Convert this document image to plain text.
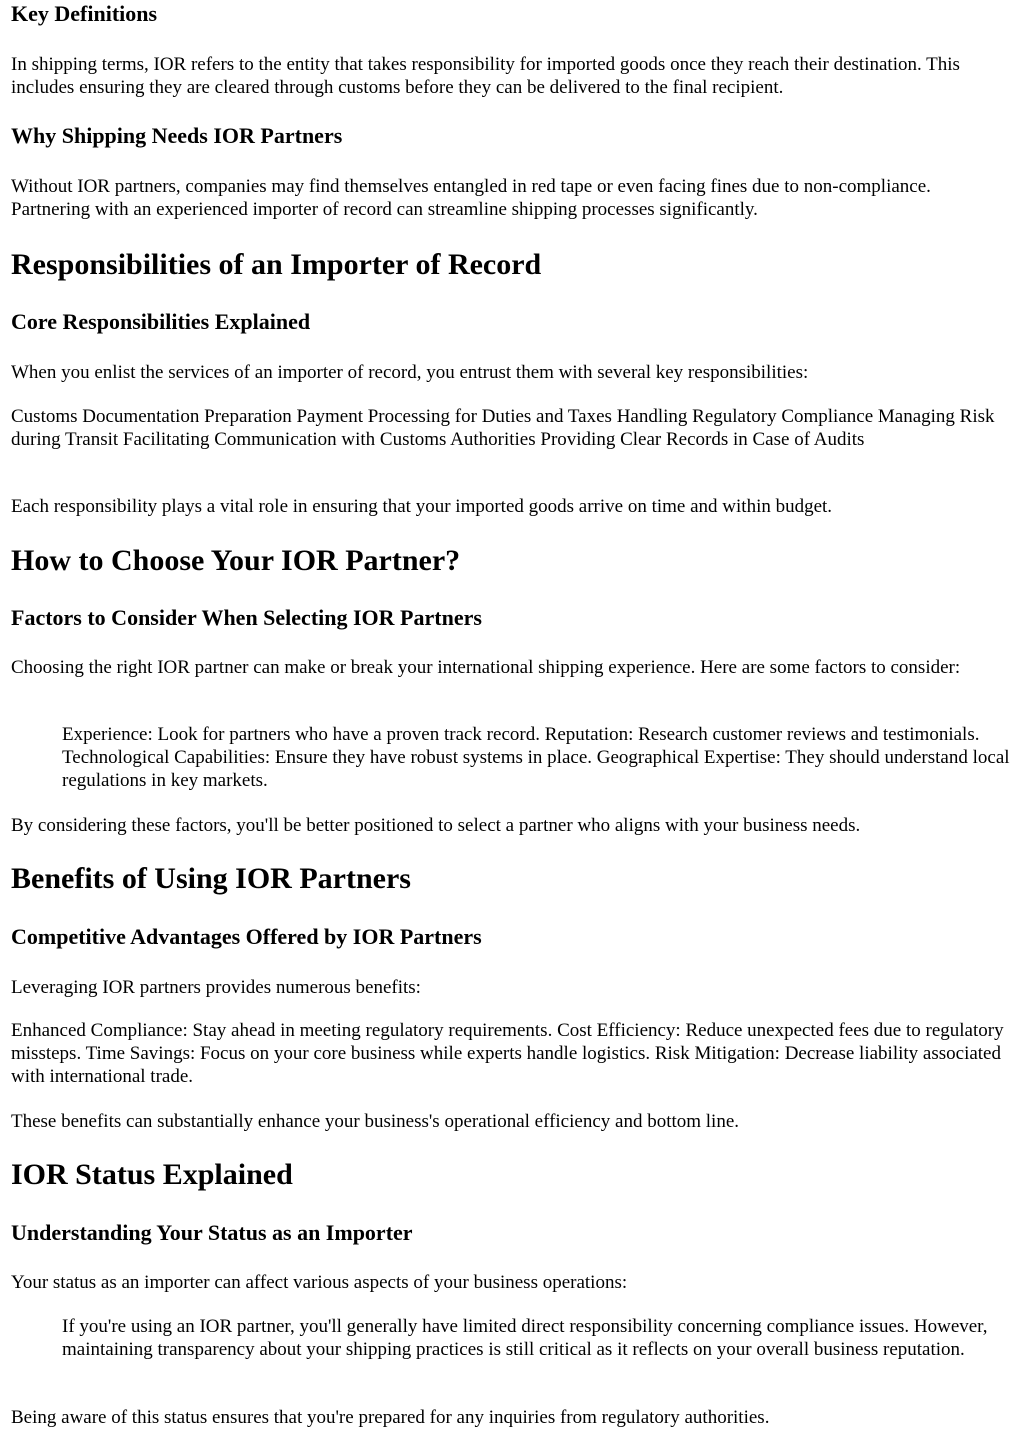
Key Definitions

In shipping terms, IOR refers to the entity that takes responsibility for imported goods once they reach their destination. This includes ensuring they are cleared through customs before they can be delivered to the final recipient.

Why Shipping Needs IOR Partners

Without IOR partners, companies may find themselves entangled in red tape or even facing fines due to non-compliance. Partnering with an experienced importer of record can streamline shipping processes significantly.

Responsibilities of an Importer of Record
Core Responsibilities Explained

When you enlist the services of an importer of record, you entrust them with several key responsibilities:

Customs Documentation Preparation Payment Processing for Duties and Taxes Handling Regulatory Compliance Managing Risk during Transit Facilitating Communication with Customs Authorities Providing Clear Records in Case of Audits

Each responsibility plays a vital role in ensuring that your imported goods arrive on time and within budget.

How to Choose Your IOR Partner?
Factors to Consider When Selecting IOR Partners

Choosing the right IOR partner can make or break your international shipping experience. Here are some factors to consider:

Experience: Look for partners who have a proven track record. Reputation: Research customer reviews and testimonials. Technological Capabilities: Ensure they have robust systems in place. Geographical Expertise: They should understand local regulations in key markets.

By considering these factors, you'll be better positioned to select a partner who aligns with your business needs.

Benefits of Using IOR Partners
Competitive Advantages Offered by IOR Partners

Leveraging IOR partners provides numerous benefits:

Enhanced Compliance: Stay ahead in meeting regulatory requirements. Cost Efficiency: Reduce unexpected fees due to regulatory missteps. Time Savings: Focus on your core business while experts handle logistics. Risk Mitigation: Decrease liability associated with international trade.

These benefits can substantially enhance your business's operational efficiency and bottom line.

IOR Status Explained
Understanding Your Status as an Importer

Your status as an importer can affect various aspects of your business operations:

If you're using an IOR partner, you'll generally have limited direct responsibility concerning compliance issues. However, maintaining transparency about your shipping practices is still critical as it reflects on your overall business reputation.

Being aware of this status ensures that you're prepared for any inquiries from regulatory authorities.
